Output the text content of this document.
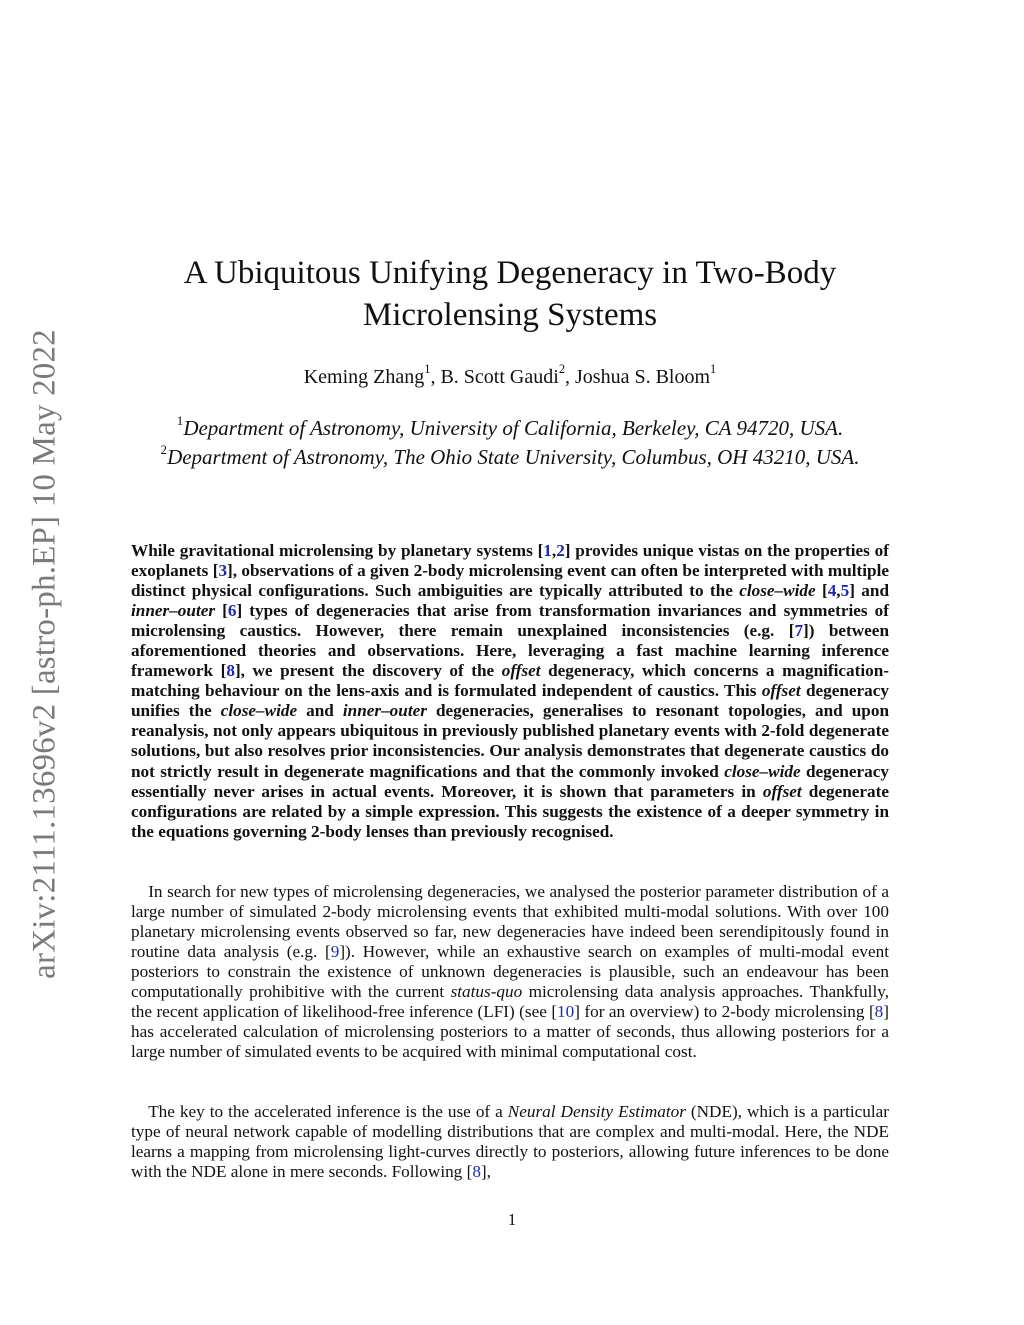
arXiv:2111.13696v2 [astro-ph.EP] 10 May 2022
A Ubiquitous Unifying Degeneracy in Two-Body
Microlensing Systems
Keming Zhang$^1$, B. Scott Gaudi$^2$, Joshua S. Bloom$^1$
$^1$Department of Astronomy, University of California, Berkeley, CA 94720, USA.
$^2$Department of Astronomy, The Ohio State University, Columbus, OH 43210, USA.

While gravitational microlensing by planetary systems [1,2] provides unique vistas on the properties of exoplanets [3], observations of a given 2-body microlensing event can often be interpreted with multiple distinct physical configurations. Such ambiguities are typically attributed to the close–wide [4,5] and inner–outer [6] types of degeneracies that arise from transformation invariances and symmetries of microlensing caustics. However, there remain unexplained inconsistencies (e.g. [7]) between aforementioned theories and observations. Here, leveraging a fast machine learning inference framework [8], we present the discovery of the offset degeneracy, which concerns a magnification-matching behaviour on the lens-axis and is formulated independent of caustics. This offset degeneracy unifies the close–wide and inner–outer degeneracies, generalises to resonant topologies, and upon reanalysis, not only appears ubiquitous in previously published planetary events with 2-fold degenerate solutions, but also resolves prior inconsistencies. Our analysis demonstrates that degenerate caustics do not strictly result in degenerate magnifications and that the commonly invoked close–wide degeneracy essentially never arises in actual events. Moreover, it is shown that parameters in offset degenerate configurations are related by a simple expression. This suggests the existence of a deeper symmetry in the equations governing 2-body lenses than previously recognised.

 In search for new types of microlensing degeneracies, we analysed the posterior parameter distribution of a large number of simulated 2-body microlensing events that exhibited multi-modal solutions. With over 100 planetary microlensing events observed so far, new degeneracies have indeed been serendipitously found in routine data analysis (e.g. [9]). However, while an exhaustive search on examples of multi-modal event posteriors to constrain the existence of unknown degeneracies is plausible, such an endeavour has been computationally prohibitive with the current status-quo microlensing data analysis approaches. Thankfully, the recent application of likelihood-free inference (LFI) (see [10] for an overview) to 2-body microlensing [8] has accelerated calculation of microlensing posteriors to a matter of seconds, thus allowing posteriors for a large number of simulated events to be acquired with minimal computational cost.

 The key to the accelerated inference is the use of a Neural Density Estimator (NDE), which is a particular type of neural network capable of modelling distributions that are complex and multi-modal. Here, the NDE learns a mapping from microlensing light-curves directly to posteriors, allowing future inferences to be done with the NDE alone in mere seconds. Following [8],

1
